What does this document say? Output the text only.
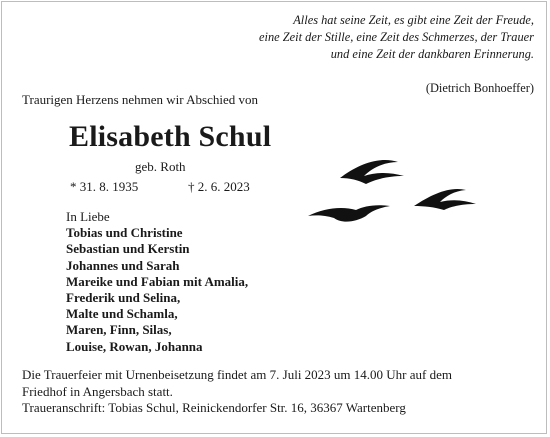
Alles hat seine Zeit, es gibt eine Zeit der Freude,
eine Zeit der Stille, eine Zeit des Schmerzes, der Trauer
und eine Zeit der dankbaren Erinnerung.
(Dietrich Bonhoeffer)
Traurigen Herzens nehmen wir Abschied von
Elisabeth Schul
geb. Roth
* 31. 8. 1935	† 2. 6. 2023
In Liebe
Tobias und Christine
Sebastian und Kerstin
Johannes und Sarah
Mareike und Fabian mit Amalia,
Frederik und Selina,
Malte und Schamla,
Maren, Finn, Silas,
Louise, Rowan, Johanna
Die Trauerfeier mit Urnenbeisetzung findet am 7. Juli 2023 um 14.00 Uhr auf dem
Friedhof in Angersbach statt.
Traueranschrift: Tobias Schul, Reinickendorfer Str. 16, 36367 Wartenberg
